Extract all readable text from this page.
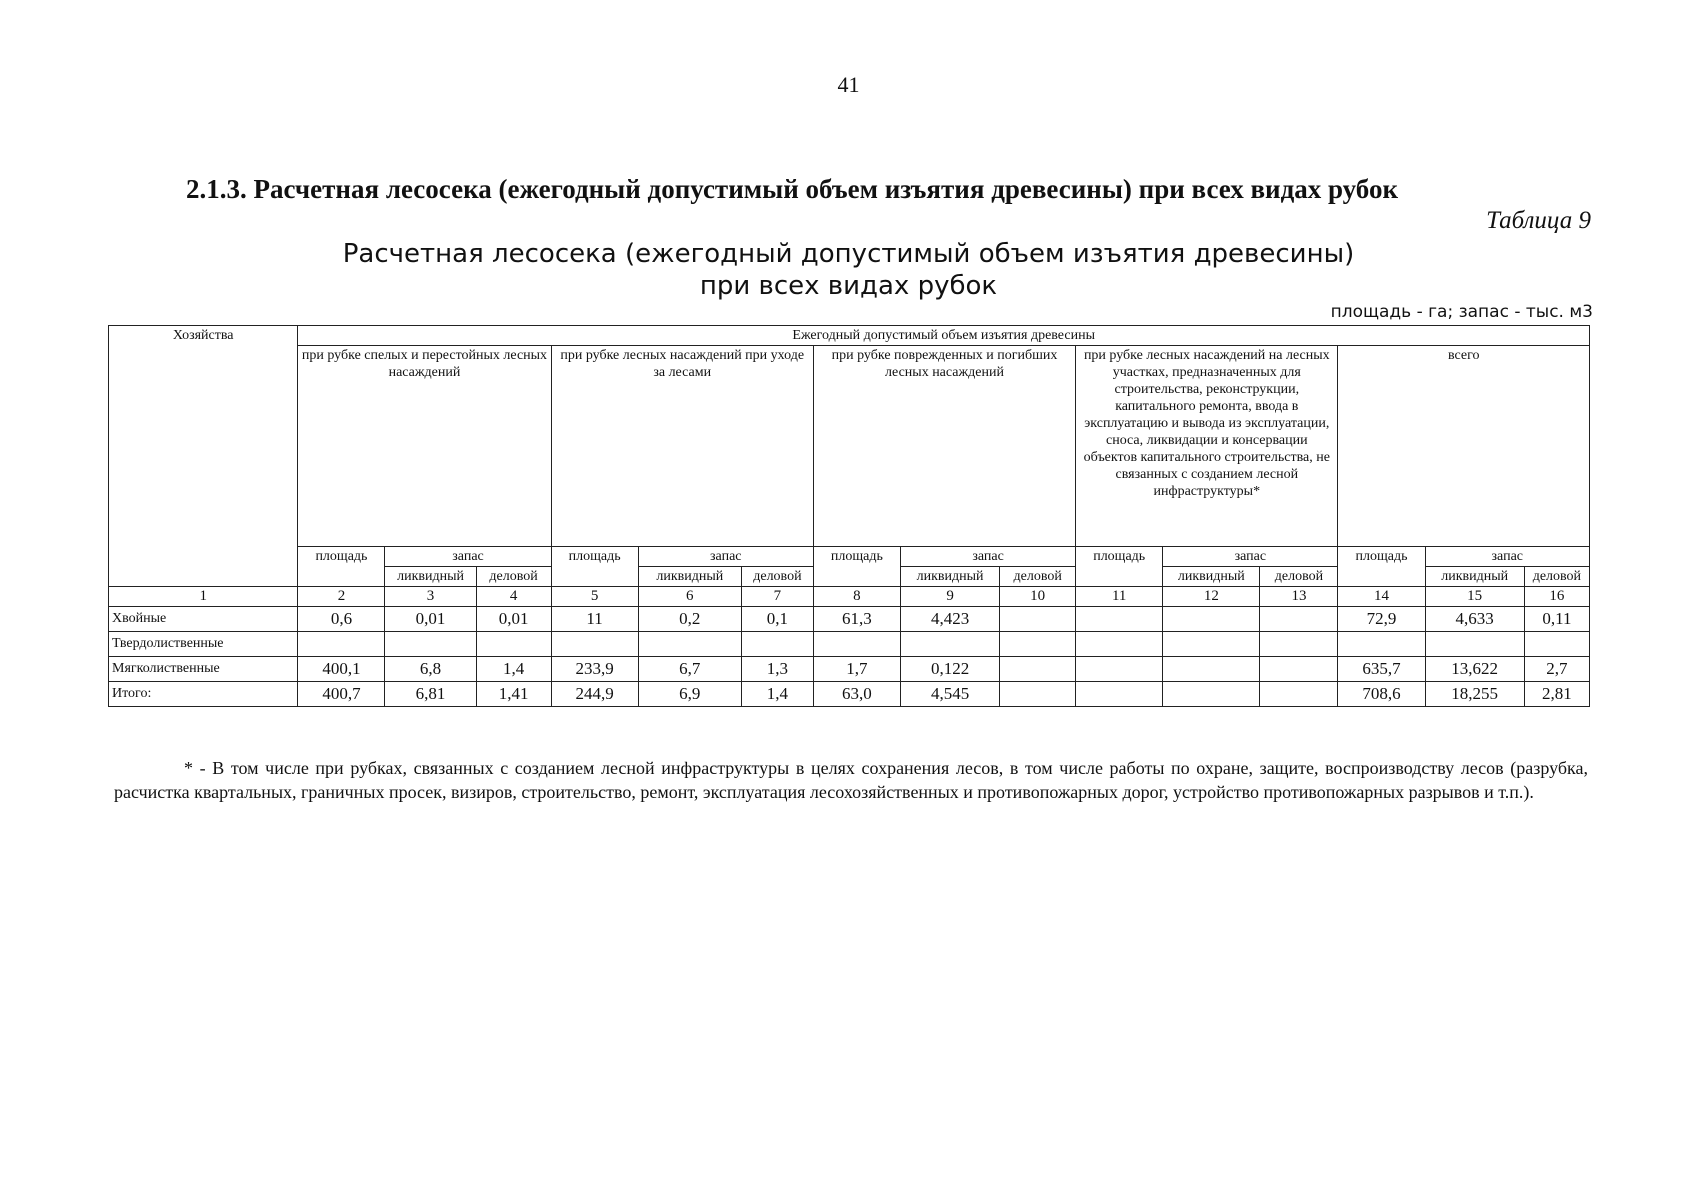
41
2.1.3. Расчетная лесосека (ежегодный допустимый объем изъятия древесины) при всех видах рубок
Таблица 9
Расчетная лесосека (ежегодный допустимый объем изъятия древесины)
при всех видах рубок
площадь - га; запас - тыс. м3
Хозяйства	Ежегодный допустимый объем изъятия древесины														
	при рубке спелых и перестойных лесных насаждений			при рубке лесных насаждений при уходе за лесами			при рубке поврежденных и погибших лесных насаждений			при рубке лесных насаждений на лесных участках, предназначенных для строительства, реконструкции, капитального ремонта, ввода в эксплуатацию и вывода из эксплуатации, сноса, ликвидации и консервации объектов капитального строительства, не связанных с созданием лесной инфраструктуры*			всего		
	площадь	запас		площадь	запас		площадь	запас		площадь	запас		площадь	запас	
		ликвидный	деловой		ликвидный	деловой		ликвидный	деловой		ликвидный	деловой		ликвидный	деловой
1	2	3	4	5	6	7	8	9	10	11	12	13	14	15	16
Хвойные	0,6	0,01	0,01	11	0,2	0,1	61,3	4,423					72,9	4,633	0,11
Твердолиственные															
Мягколиственные	400,1	6,8	1,4	233,9	6,7	1,3	1,7	0,122					635,7	13,622	2,7
Итого:	400,7	6,81	1,41	244,9	6,9	1,4	63,0	4,545					708,6	18,255	2,81
* - В том числе при рубках, связанных с созданием лесной инфраструктуры в целях сохранения лесов, в том числе работы по охране, защите, воспроизводству лесов (разрубка, расчистка квартальных, граничных просек, визиров, строительство, ремонт, эксплуатация лесохозяйственных и противопожарных дорог, устройство противопожарных разрывов и т.п.).
